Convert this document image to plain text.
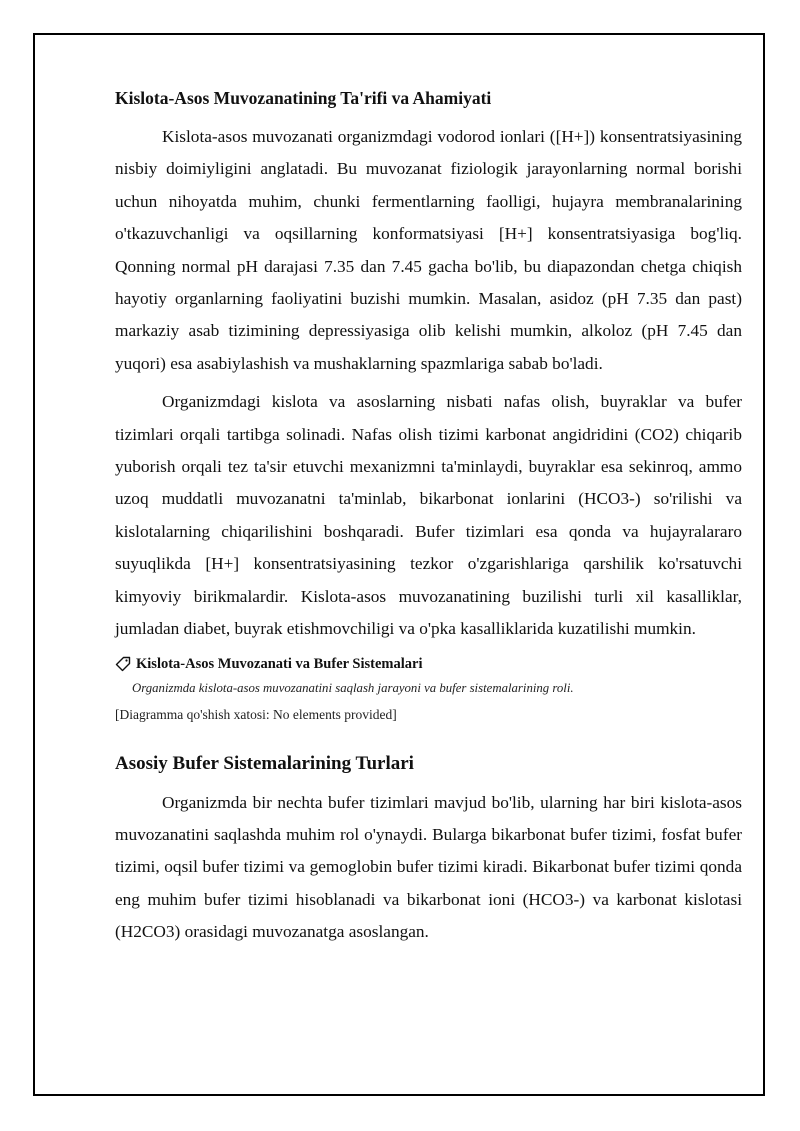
Kislota-Asos Muvozanatining Ta'rifi va Ahamiyati

Kislota-asos muvozanati organizmdagi vodorod ionlari ([H+]) konsentratsiyasining nisbiy doimiyligini anglatadi. Bu muvozanat fiziologik jarayonlarning normal borishi uchun nihoyatda muhim, chunki fermentlarning faolligi, hujayra membranalarining o'tkazuvchanligi va oqsillarning konformatsiyasi [H+] konsentratsiyasiga bog'liq. Qonning normal pH darajasi 7.35 dan 7.45 gacha bo'lib, bu diapazondan chetga chiqish hayotiy organlarning faoliyatini buzishi mumkin. Masalan, asidoz (pH 7.35 dan past) markaziy asab tizimining depressiyasiga olib kelishi mumkin, alkoloz (pH 7.45 dan yuqori) esa asabiylashish va mushaklarning spazmlariga sabab bo'ladi.

Organizmdagi kislota va asoslarning nisbati nafas olish, buyraklar va bufer tizimlari orqali tartibga solinadi. Nafas olish tizimi karbonat angidridini (CO2) chiqarib yuborish orqali tez ta'sir etuvchi mexanizmni ta'minlaydi, buyraklar esa sekinroq, ammo uzoq muddatli muvozanatni ta'minlab, bikarbonat ionlarini (HCO3-) so'rilishi va kislotalarning chiqarilishini boshqaradi. Bufer tizimlari esa qonda va hujayralararo suyuqlikda [H+] konsentratsiyasining tezkor o'zgarishlariga qarshilik ko'rsatuvchi kimyoviy birikmalardir. Kislota-asos muvozanatining buzilishi turli xil kasalliklar, jumladan diabet, buyrak etishmovchiligi va o'pka kasalliklarida kuzatilishi mumkin.

Kislota-Asos Muvozanati va Bufer Sistemalari
Organizmda kislota-asos muvozanatini saqlash jarayoni va bufer sistemalarining roli.
[Diagramma qo'shish xatosi: No elements provided]
Asosiy Bufer Sistemalarining Turlari

Organizmda bir nechta bufer tizimlari mavjud bo'lib, ularning har biri kislota-asos muvozanatini saqlashda muhim rol o'ynaydi. Bularga bikarbonat bufer tizimi, fosfat bufer tizimi, oqsil bufer tizimi va gemoglobin bufer tizimi kiradi. Bikarbonat bufer tizimi qonda eng muhim bufer tizimi hisoblanadi va bikarbonat ioni (HCO3-) va karbonat kislotasi (H2CO3) orasidagi muvozanatga asoslangan.
